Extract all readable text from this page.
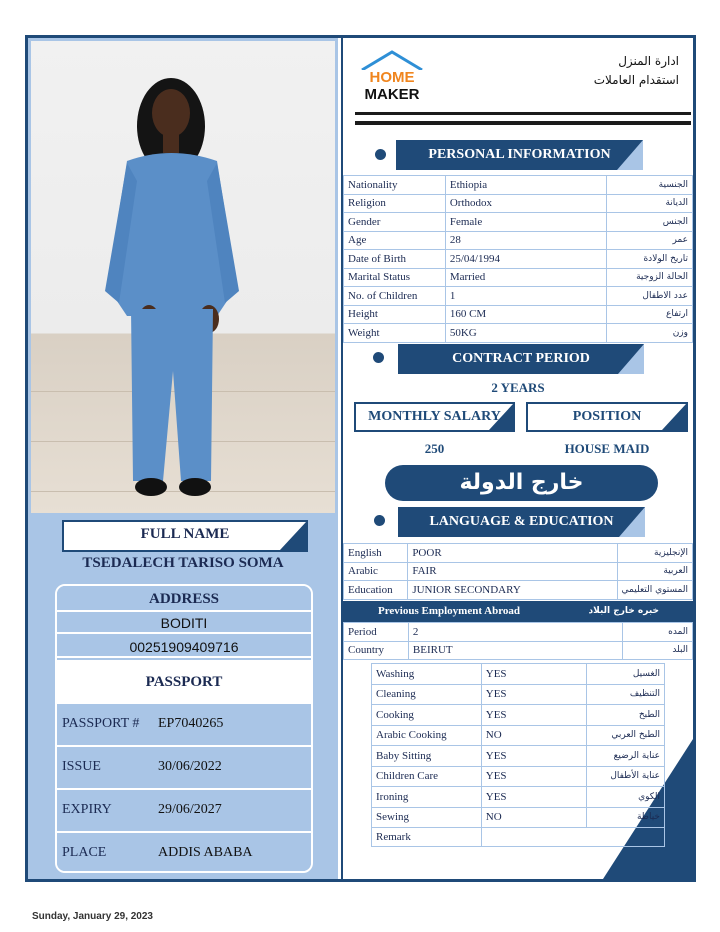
FULL NAME
TSEDALECH TARISO SOMA
ADDRESS
BODITI
00251909409716
PASSPORT
PASSPORT # EP7040265
ISSUE	30/06/2022
EXPIRY	29/06/2027
PLACE	ADDIS ABABA
HOME
MAKER
ادارة المنزل
استقدام العاملات
PERSONAL INFORMATION
Nationality	Ethiopia	الجنسية
Religion	Orthodox	الديانة
Gender	Female	الجنس
Age	28	عمر
Date of Birth	25/04/1994	تاريخ الولادة
Marital Status	Married	الحالة الزوجية
No. of Children	1	عدد الاطفال
Height	160 CM	ارتفاع
Weight	50KG	وزن
CONTRACT PERIOD
2 YEARS
MONTHLY SALARY	POSITION
250	HOUSE MAID
خارج الدولة
LANGUAGE & EDUCATION
English	POOR	الإنجليزية
Arabic	FAIR	العربية
Education	JUNIOR SECONDARY	المستوي التعليمي
Previous Employment Abroad	خبره خارج البلاد
Period	2	المده
Country	BEIRUT	البلد
Washing	YES	الغسيل
Cleaning	YES	التنظيف
Cooking	YES	الطبخ
Arabic Cooking	NO	الطبخ العربي
Baby Sitting	YES	عناية الرضيع
Children Care	YES	عناية الأطفال
Ironing	YES	الكوي
Sewing	NO	خياطة
Remark		
Sunday, January 29, 2023
